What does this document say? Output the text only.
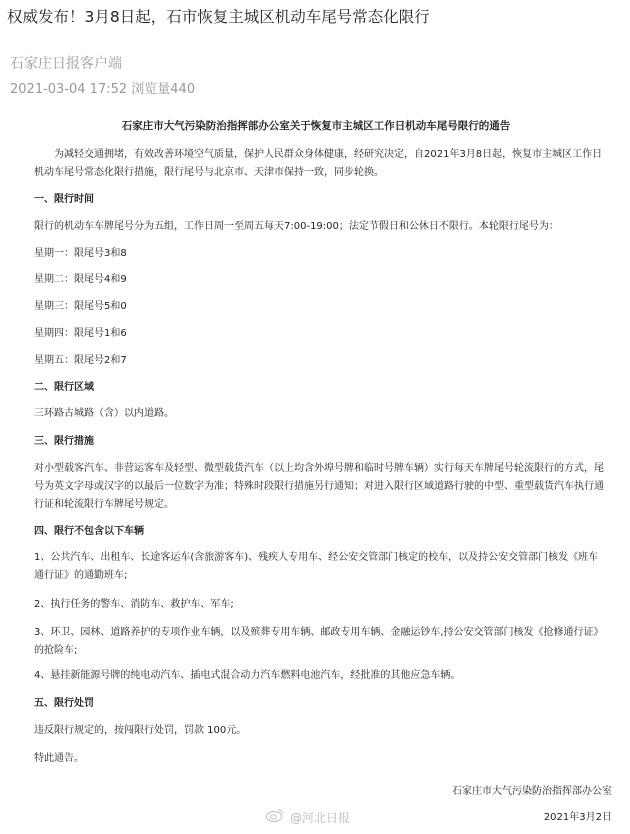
权威发布！3月8日起，石市恢复主城区机动车尾号常态化限行
石家庄日报客户端
2021-03-04 17:52 浏览量440
石家庄市大气污染防治指挥部办公室关于恢复市主城区工作日机动车尾号限行的通告
为减轻交通拥堵，有效改善环境空气质量，保护人民群众身体健康，经研究决定，自2021年3月8日起，恢复市主城区工作日机动车尾号常态化限行措施，限行尾号与北京市、天津市保持一致，同步轮换。
一、限行时间
限行的机动车车牌尾号分为五组，工作日周一至周五每天7:00-19:00；法定节假日和公休日不限行。本轮限行尾号为：
星期一：限尾号3和8
星期二：限尾号4和9
星期三：限尾号5和0
星期四：限尾号1和6
星期五：限尾号2和7
二、限行区域
三环路古城路（含）以内道路。
三、限行措施
对小型载客汽车、非营运客车及轻型、微型载货汽车（以上均含外埠号牌和临时号牌车辆）实行每天车牌尾号轮流限行的方式，尾号为英文字母或汉字的以最后一位数字为准；特殊时段限行措施另行通知；对进入限行区域道路行驶的中型、重型载货汽车执行通行证和轮流限行车牌尾号规定。
四、限行不包含以下车辆
1、公共汽车、出租车、长途客运车(含旅游客车)、残疾人专用车、经公安交管部门核定的校车，以及持公安交管部门核发《班车通行证》的通勤班车;
2、执行任务的警车、消防车、救护车、军车;
3、环卫、园林、道路养护的专项作业车辆，以及殡葬专用车辆、邮政专用车辆、金融运钞车,持公安交管部门核发《抢修通行证》的抢险车;
4、悬挂新能源号牌的纯电动汽车、插电式混合动力汽车燃料电池汽车，经批准的其他应急车辆。
五、限行处罚
违反限行规定的，按闯限行处罚，罚款 100元。
特此通告。
石家庄市大气污染防治指挥部办公室
2021年3月2日
@河北日报
